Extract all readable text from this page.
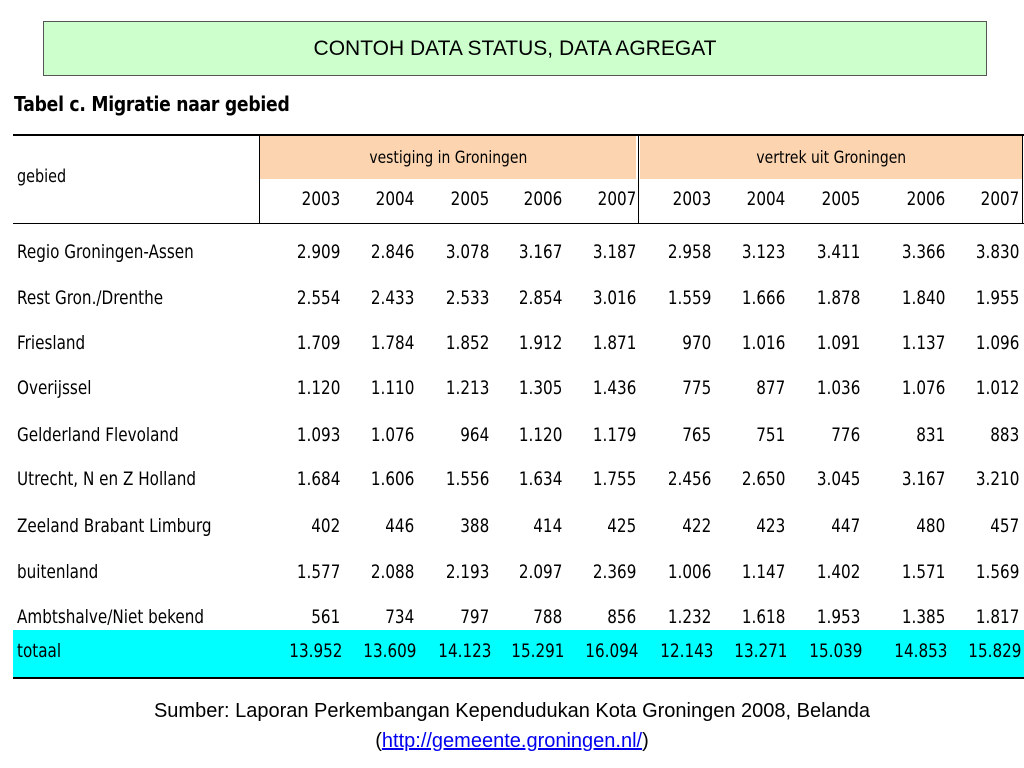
CONTOH DATA STATUS, DATA AGREGAT
Tabel c. Migratie naar gebied
vestiging in Groningen	vertrek uit Groningen
gebied
2003	2004	2005	2006	2007	2003	2004	2005	2006	2007
Regio Groningen-Assen	2.909	2.846	3.078	3.167	3.187	2.958	3.123	3.411	3.366	3.830
Rest Gron./Drenthe	2.554	2.433	2.533	2.854	3.016	1.559	1.666	1.878	1.840	1.955
Friesland	1.709	1.784	1.852	1.912	1.871	970	1.016	1.091	1.137	1.096
Overijssel	1.120	1.110	1.213	1.305	1.436	775	877	1.036	1.076	1.012
Gelderland Flevoland	1.093	1.076	964	1.120	1.179	765	751	776	831	883
Utrecht, N en Z Holland	1.684	1.606	1.556	1.634	1.755	2.456	2.650	3.045	3.167	3.210
Zeeland Brabant Limburg	402	446	388	414	425	422	423	447	480	457
buitenland	1.577	2.088	2.193	2.097	2.369	1.006	1.147	1.402	1.571	1.569
Ambtshalve/Niet bekend	561	734	797	788	856	1.232	1.618	1.953	1.385	1.817
totaal	13.952	13.609	14.123	15.291	16.094	12.143	13.271	15.039	14.853	15.829
Sumber: Laporan Perkembangan Kependudukan Kota Groningen 2008, Belanda
(http://gemeente.groningen.nl/)
